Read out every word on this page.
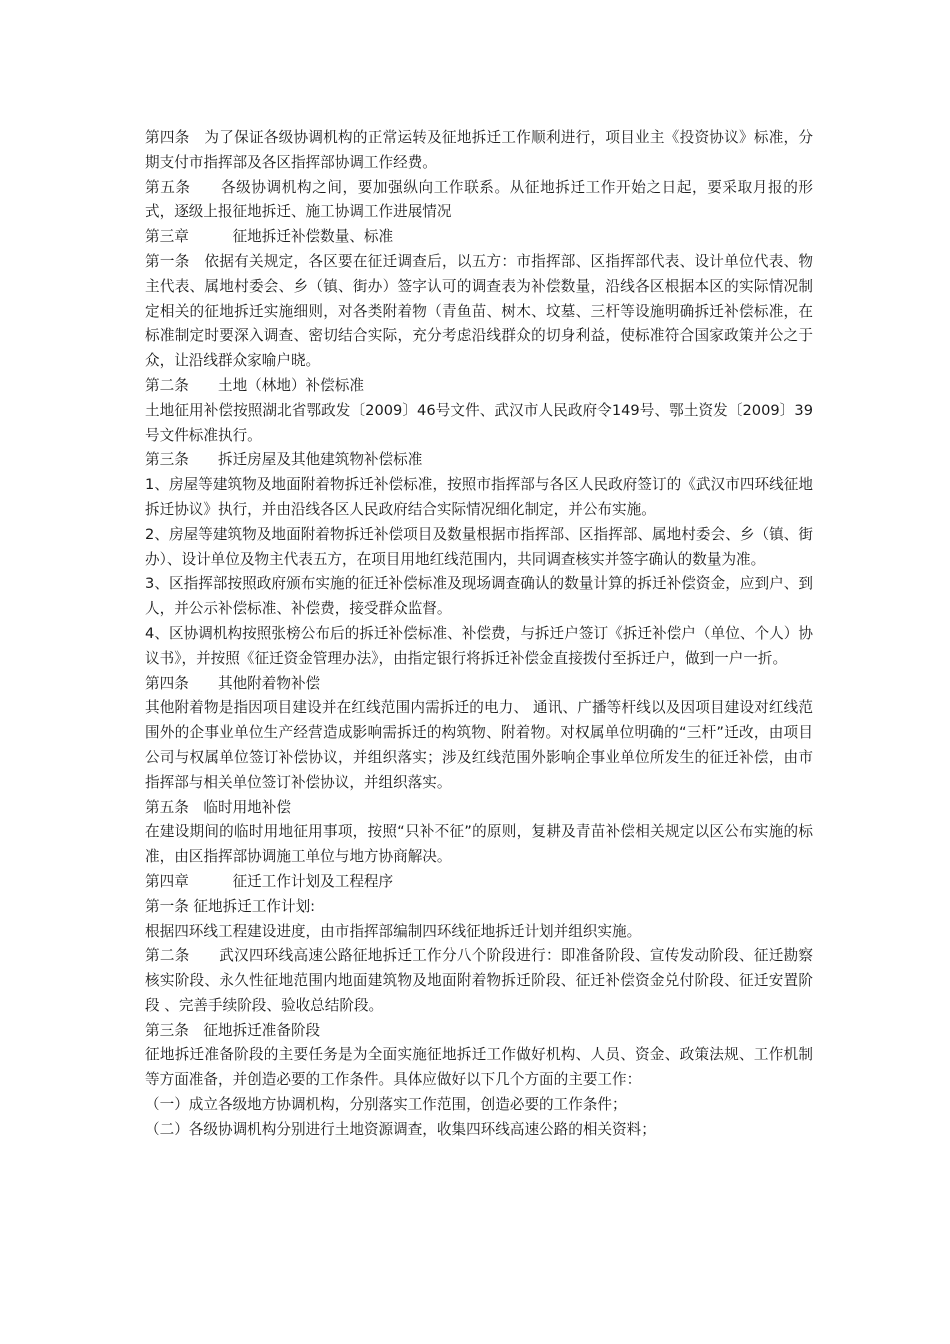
第四条　为了保证各级协调机构的正常运转及征地拆迁工作顺利进行，项目业主《投资协议》标准，分期支付市指挥部及各区指挥部协调工作经费。

第五条　　各级协调机构之间，要加强纵向工作联系。从征地拆迁工作开始之日起，要采取月报的形式，逐级上报征地拆迁、施工协调工作进展情况

第三章　　　征地拆迁补偿数量、标准

第一条　依据有关规定，各区要在征迁调查后，以五方：市指挥部、区指挥部代表、设计单位代表、物主代表、属地村委会、乡（镇、街办）签字认可的调查表为补偿数量，沿线各区根据本区的实际情况制定相关的征地拆迁实施细则，对各类附着物（青鱼苗、树木、坟墓、三杆等设施明确拆迁补偿标准，在标准制定时要深入调查、密切结合实际，充分考虑沿线群众的切身利益，使标准符合国家政策并公之于众，让沿线群众家喻户晓。

第二条　　土地（林地）补偿标准

土地征用补偿按照湖北省鄂政发〔2009〕46号文件、武汉市人民政府令149号、鄂土资发〔2009〕39号文件标准执行。

第三条　　拆迁房屋及其他建筑物补偿标准

1、房屋等建筑物及地面附着物拆迁补偿标准，按照市指挥部与各区人民政府签订的《武汉市四环线征地拆迁协议》执行，并由沿线各区人民政府结合实际情况细化制定，并公布实施。

2、房屋等建筑物及地面附着物拆迁补偿项目及数量根据市指挥部、区指挥部、属地村委会、乡（镇、街办）、设计单位及物主代表五方，在项目用地红线范围内，共同调查核实并签字确认的数量为准。

3、区指挥部按照政府颁布实施的征迁补偿标准及现场调查确认的数量计算的拆迁补偿资金，应到户、到人，并公示补偿标准、补偿费，接受群众监督。

4、区协调机构按照张榜公布后的拆迁补偿标准、补偿费，与拆迁户签订《拆迁补偿户（单位、个人）协议书》，并按照《征迁资金管理办法》，由指定银行将拆迁补偿金直接拨付至拆迁户，做到一户一折。

第四条　　其他附着物补偿

其他附着物是指因项目建设并在红线范围内需拆迁的电力、 通讯、广播等杆线以及因项目建设对红线范围外的企事业单位生产经营造成影响需拆迁的构筑物、附着物。对权属单位明确的“三杆”迁改，由项目公司与权属单位签订补偿协议，并组织落实；涉及红线范围外影响企事业单位所发生的征迁补偿，由市指挥部与相关单位签订补偿协议，并组织落实。

第五条　临时用地补偿

在建设期间的临时用地征用事项，按照“只补不征”的原则，复耕及青苗补偿相关规定以区公布实施的标准，由区指挥部协调施工单位与地方协商解决。

第四章　　　征迁工作计划及工程程序

第一条 征地拆迁工作计划:

根据四环线工程建设进度，由市指挥部编制四环线征地拆迁计划并组织实施。

第二条　　武汉四环线高速公路征地拆迁工作分八个阶段进行：即准备阶段、宣传发动阶段、征迁勘察核实阶段、永久性征地范围内地面建筑物及地面附着物拆迁阶段、征迁补偿资金兑付阶段、征迁安置阶段 、完善手续阶段、验收总结阶段。

第三条　征地拆迁准备阶段

征地拆迁准备阶段的主要任务是为全面实施征地拆迁工作做好机构、人员、资金、政策法规、工作机制等方面准备，并创造必要的工作条件。具体应做好以下几个方面的主要工作：

（一）成立各级地方协调机构，分别落实工作范围，创造必要的工作条件；

（二）各级协调机构分别进行土地资源调查，收集四环线高速公路的相关资料；
